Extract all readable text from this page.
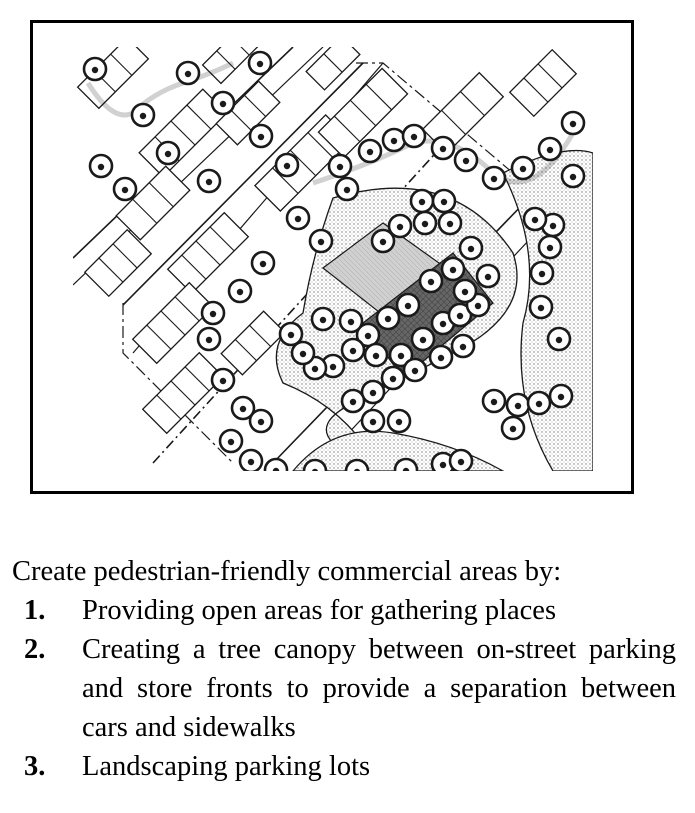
Create pedestrian-friendly commercial areas by:

1. Providing open areas for gathering places
2. Creating a tree canopy between on-street parking and store fronts to provide a separation between cars and sidewalks
3. Landscaping parking lots
